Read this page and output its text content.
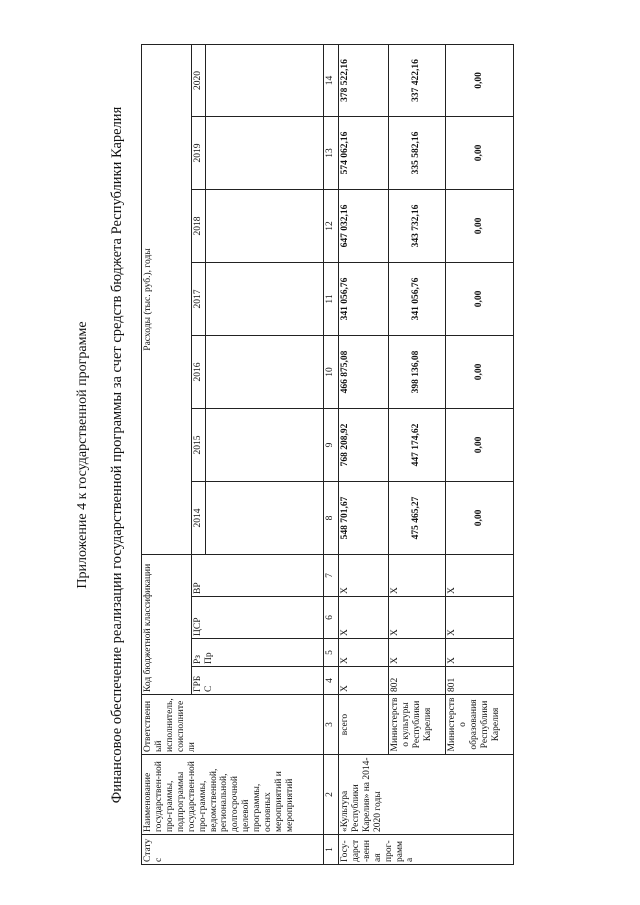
Приложение 4 к государственной программе Финансовое обеспечение реализации государственной программы за счет средств бюджета Республики Карелия
Статус	Наименование государствен-ной про-граммы, подпрограммы государствен-ной про-граммы, ведомственной, региональной, долгосрочной целевой программы, основных мероприятий и мероприятий	Ответственный исполнитель, соисполнители	Код бюджетной классификации				Расходы (тыс. руб.), годы						
			ГРБ С	Рз Пр	ЦСР	ВР	2014	2015	2016	2017	2018	2019	2020

1	2	3	4	5	6	7	8	9	10	11	12	13	14
Госу-дарст-венная прог-рамма	«Культура Республики Карелия» на 2014-2020 годы	всего	Х	Х	Х	Х	548 701,67	768 208,92	466 875,08	341 056,76	647 032,16	574 062,16	378 522,16
		Министерство культуры Республики Карелия	802	Х	Х	Х	475 465,27	447 174,62	398 136,08	341 056,76	343 732,16	335 582,16	337 422,16
		Министерство образования Республики Карелия	801	Х	Х	Х	0,00	0,00	0,00	0,00	0,00	0,00	0,00
